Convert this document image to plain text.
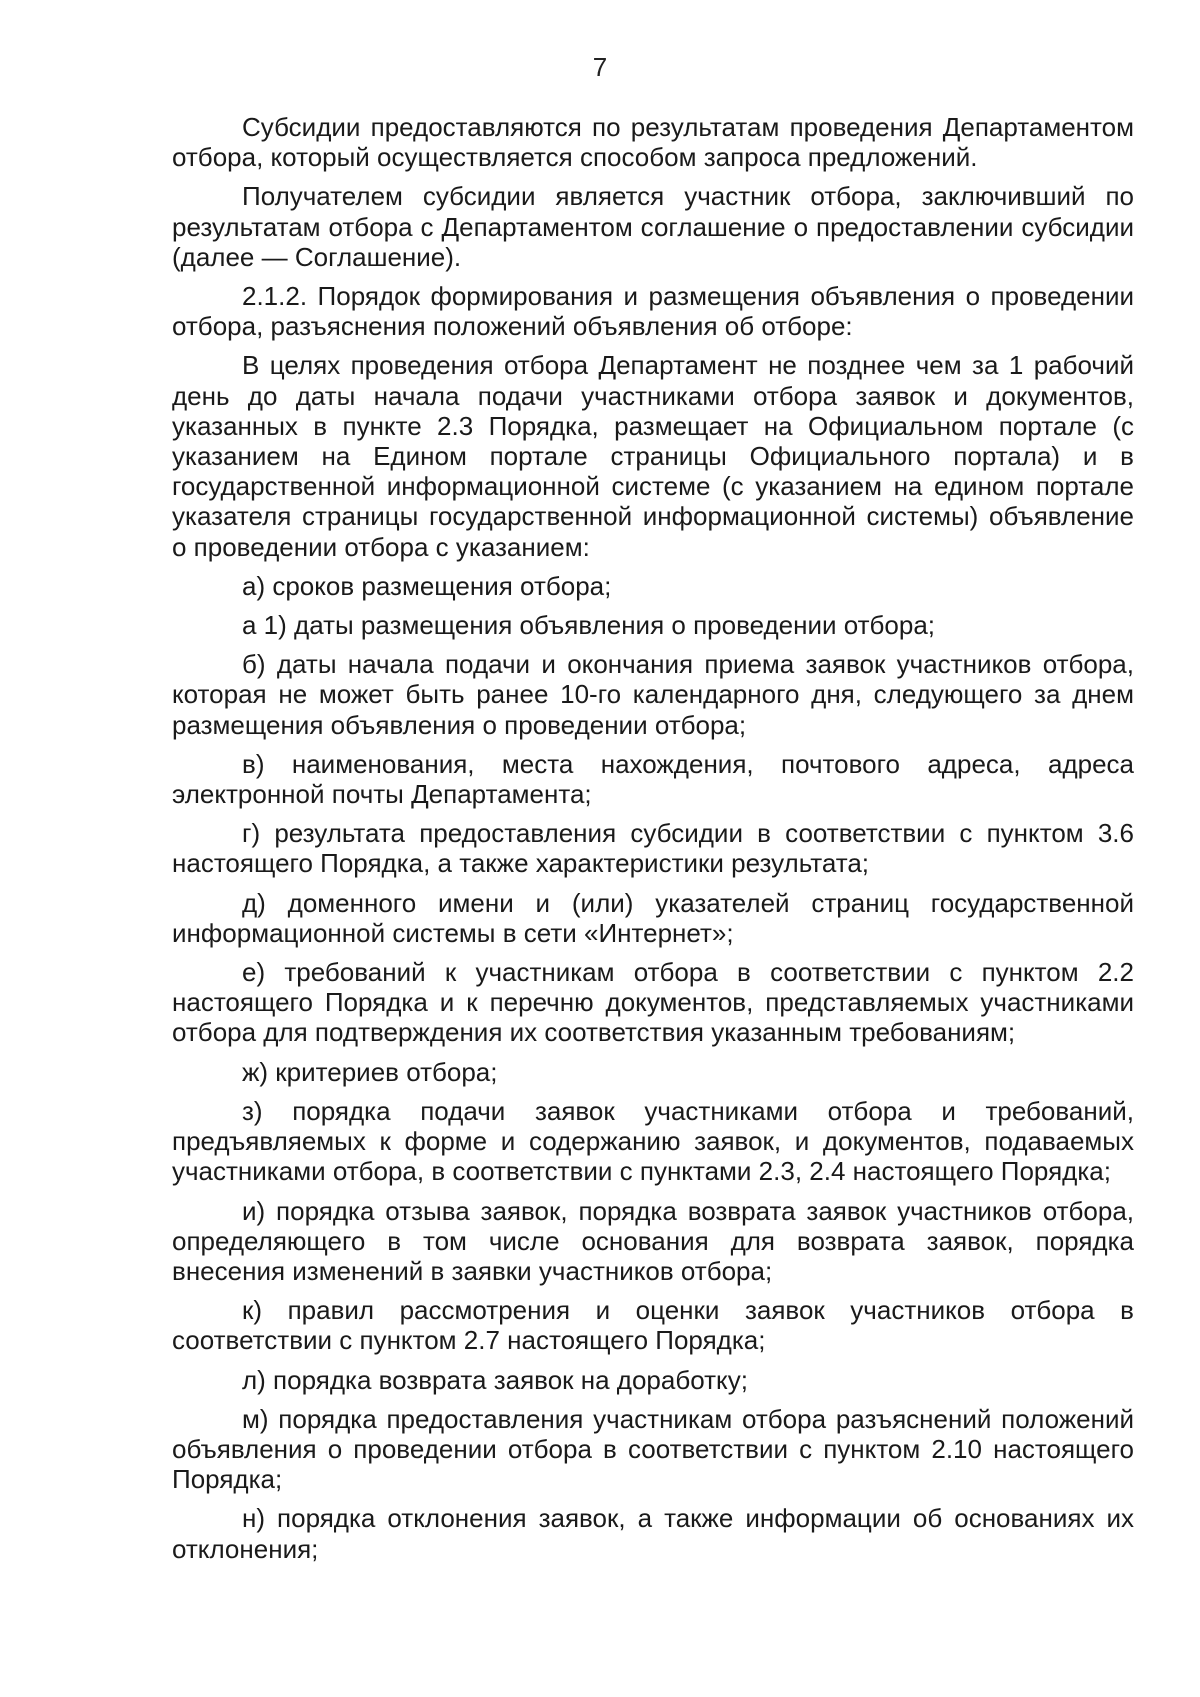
7

Субсидии предоставляются по результатам проведения Департаментом отбора, который осуществляется способом запроса предложений.

Получателем субсидии является участник отбора, заключивший по результатам отбора с Департаментом соглашение о предоставлении субсидии (далее — Соглашение).

2.1.2. Порядок формирования и размещения объявления о проведении отбора, разъяснения положений объявления об отборе:

В целях проведения отбора Департамент не позднее чем за 1 рабочий день до даты начала подачи участниками отбора заявок и документов, указанных в пункте 2.3 Порядка, размещает на Официальном портале (с указанием на Едином портале страницы Официального портала) и в государственной информационной системе (с указанием на едином портале указателя страницы государственной информационной системы) объявление о проведении отбора с указанием:

а) сроков размещения отбора;

а 1) даты размещения объявления о проведении отбора;

б) даты начала подачи и окончания приема заявок участников отбора, которая не может быть ранее 10-го календарного дня, следующего за днем размещения объявления о проведении отбора;

в) наименования, места нахождения, почтового адреса, адреса электронной почты Департамента;

г) результата предоставления субсидии в соответствии с пунктом 3.6 настоящего Порядка, а также характеристики результата;

д) доменного имени и (или) указателей страниц государственной информационной системы в сети «Интернет»;

е) требований к участникам отбора в соответствии с пунктом 2.2 настоящего Порядка и к перечню документов, представляемых участниками отбора для подтверждения их соответствия указанным требованиям;

ж) критериев отбора;

з) порядка подачи заявок участниками отбора и требований, предъявляемых к форме и содержанию заявок, и документов, подаваемых участниками отбора, в соответствии с пунктами 2.3, 2.4 настоящего Порядка;

и) порядка отзыва заявок, порядка возврата заявок участников отбора, определяющего в том числе основания для возврата заявок, порядка внесения изменений в заявки участников отбора;

к) правил рассмотрения и оценки заявок участников отбора в соответствии с пунктом 2.7 настоящего Порядка;

л) порядка возврата заявок на доработку;

м) порядка предоставления участникам отбора разъяснений положений объявления о проведении отбора в соответствии с пунктом 2.10 настоящего Порядка;

н) порядка отклонения заявок, а также информации об основаниях их отклонения;
